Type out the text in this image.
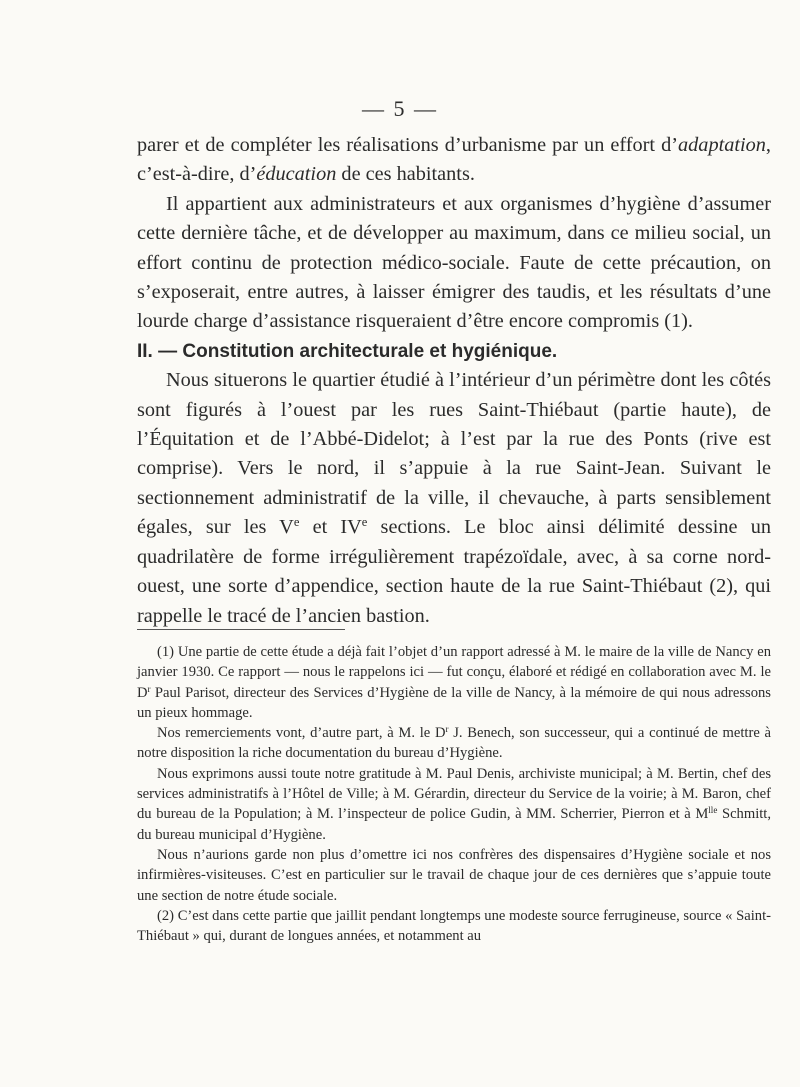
— 5 —

parer et de compléter les réalisations d’urbanisme par un effort d’adaptation, c’est-à-dire, d’éducation de ces habitants.

Il appartient aux administrateurs et aux organismes d’hygiène d’assumer cette dernière tâche, et de développer au maximum, dans ce milieu social, un effort continu de protection médico-sociale. Faute de cette précaution, on s’exposerait, entre autres, à laisser émigrer des taudis, et les résultats d’une lourde charge d’assistance risqueraient d’être encore compromis (1).

II. — Constitution architecturale et hygiénique.

Nous situerons le quartier étudié à l’intérieur d’un périmètre dont les côtés sont figurés à l’ouest par les rues Saint-Thiébaut (partie haute), de l’Équitation et de l’Abbé-Didelot; à l’est par la rue des Ponts (rive est comprise). Vers le nord, il s’appuie à la rue Saint-Jean. Suivant le sectionnement administratif de la ville, il chevauche, à parts sensiblement égales, sur les Ve et IVe sections. Le bloc ainsi délimité dessine un quadrilatère de forme irrégulièrement trapézoïdale, avec, à sa corne nord-ouest, une sorte d’appendice, section haute de la rue Saint-Thiébaut (2), qui rappelle le tracé de l’ancien bastion.

(1) Une partie de cette étude a déjà fait l’objet d’un rapport adressé à M. le maire de la ville de Nancy en janvier 1930. Ce rapport — nous le rappelons ici — fut conçu, élaboré et rédigé en collaboration avec M. le $D^r$ Paul Parisot, directeur des Services d’Hygiène de la ville de Nancy, à la mémoire de qui nous adressons un pieux hommage.

Nos remerciements vont, d’autre part, à M. le $D^r$ J. Benech, son successeur, qui a continué de mettre à notre disposition la riche documentation du bureau d’Hygiène.

Nous exprimons aussi toute notre gratitude à M. Paul Denis, archiviste municipal; à M. Bertin, chef des services administratifs à l’Hôtel de Ville; à M. Gérardin, directeur du Service de la voirie; à M. Baron, chef du bureau de la Population; à M. l’inspecteur de police Gudin, à MM. Scherrier, Pierron et à $M^{lle}$ Schmitt, du bureau municipal d’Hygiène.

Nous n’aurions garde non plus d’omettre ici nos confrères des dispensaires d’Hygiène sociale et nos infirmières-visiteuses. C’est en particulier sur le travail de chaque jour de ces dernières que s’appuie toute une section de notre étude sociale.

(2) C’est dans cette partie que jaillit pendant longtemps une modeste source ferrugineuse, source « Saint-Thiébaut » qui, durant de longues années, et notamment au
